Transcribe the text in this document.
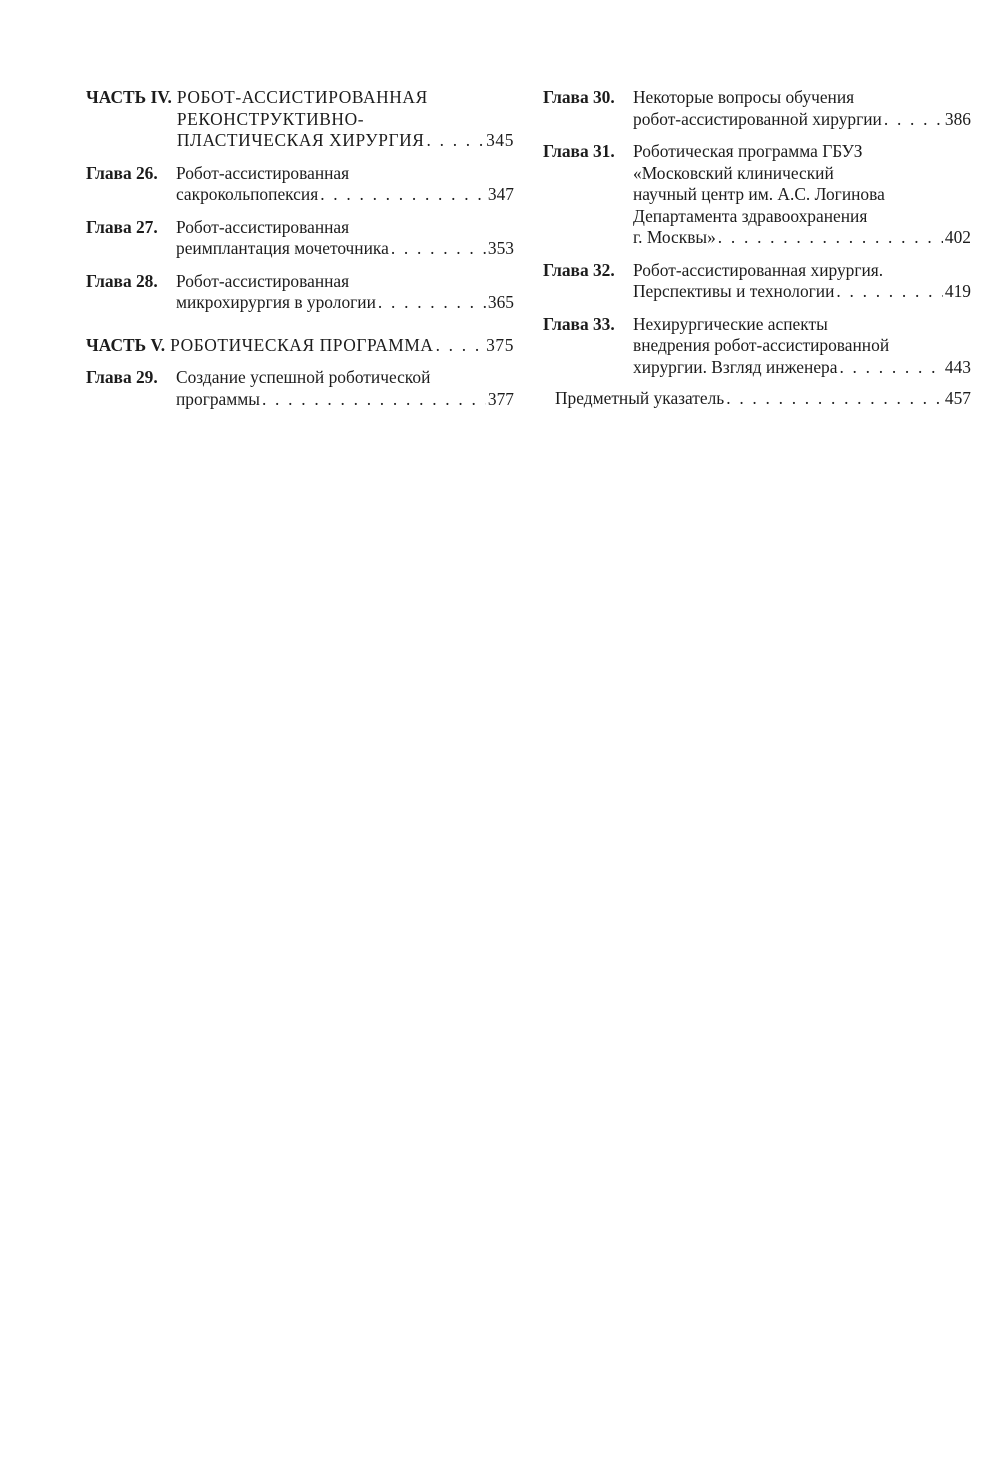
ЧАСТЬ IV. РОБОТ-АССИСТИРОВАННАЯ
РЕКОНСТРУКТИВНО-
ПЛАСТИЧЕСКАЯ ХИРУРГИЯ . . .	345
Глава 26.	Робот-ассистированная
сакрокольпопексия . . .	347
Глава 27.	Робот-ассистированная
реимплантация мочеточника . . .	353
Глава 28.	Робот-ассистированная
микрохирургия в урологии . . .	365
ЧАСТЬ V. РОБОТИЧЕСКАЯ ПРОГРАММА . . .	375
Глава 29.	Создание успешной роботической
программы . . .	377
Глава 30.	Некоторые вопросы обучения
робот-ассистированной хирургии . . .	386
Глава 31.	Роботическая программа ГБУЗ
«Московский клинический
научный центр им. А.С. Логинова
Департамента здравоохранения
г. Москвы» . . .	402
Глава 32.	Робот-ассистированная хирургия.
Перспективы и технологии . . .	419
Глава 33.	Нехирургические аспекты
внедрения робот-ассистированной
хирургии. Взгляд инженера . . .	443
Предметный указатель . . .	457
